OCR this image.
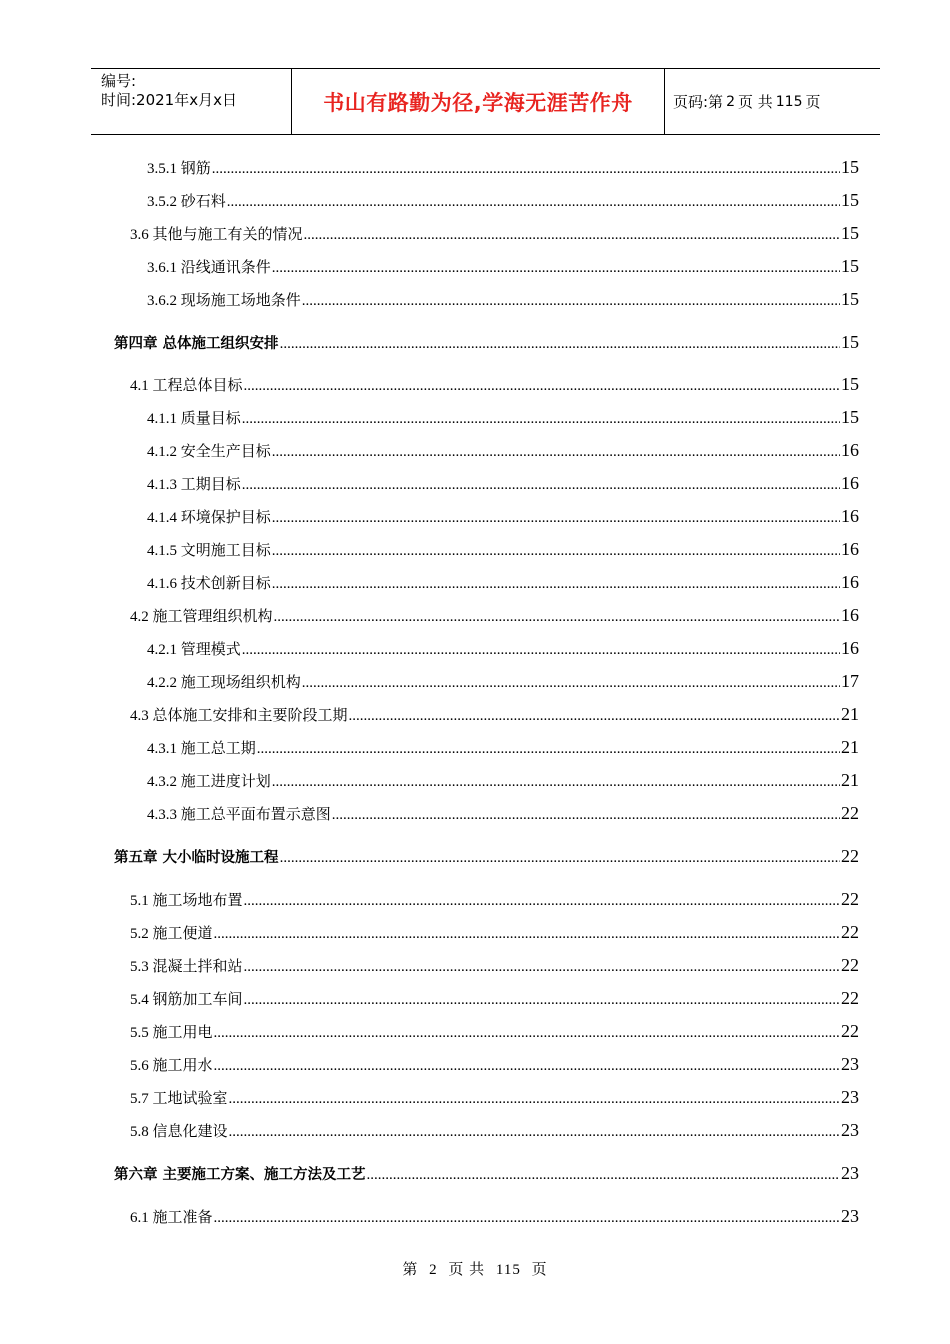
编号:
时间:2021年x月x日	书山有路勤为径,学海无涯苦作舟	页码:第 2 页 共 115 页
3.5.1 钢筋 .....	15
3.5.2 砂石料 .....	15
3.6 其他与施工有关的情况 .....	15
3.6.1 沿线通讯条件 .....	15
3.6.2 现场施工场地条件 .....	15
第四章 总体施工组织安排 .....	15
4.1 工程总体目标 .....	15
4.1.1 质量目标 .....	15
4.1.2 安全生产目标 .....	16
4.1.3 工期目标 .....	16
4.1.4 环境保护目标 .....	16
4.1.5 文明施工目标 .....	16
4.1.6 技术创新目标 .....	16
4.2 施工管理组织机构 .....	16
4.2.1 管理模式 .....	16
4.2.2 施工现场组织机构 .....	17
4.3 总体施工安排和主要阶段工期 .....	21
4.3.1 施工总工期 .....	21
4.3.2 施工进度计划 .....	21
4.3.3 施工总平面布置示意图 .....	22
第五章 大小临时设施工程 .....	22
5.1 施工场地布置 .....	22
5.2 施工便道 .....	22
5.3 混凝土拌和站 .....	22
5.4 钢筋加工车间 .....	22
5.5 施工用电 .....	22
5.6 施工用水 .....	23
5.7 工地试验室 .....	23
5.8 信息化建设 .....	23
第六章 主要施工方案、施工方法及工艺 .....	23
6.1 施工准备 .....	23
第 2 页 共 115 页
